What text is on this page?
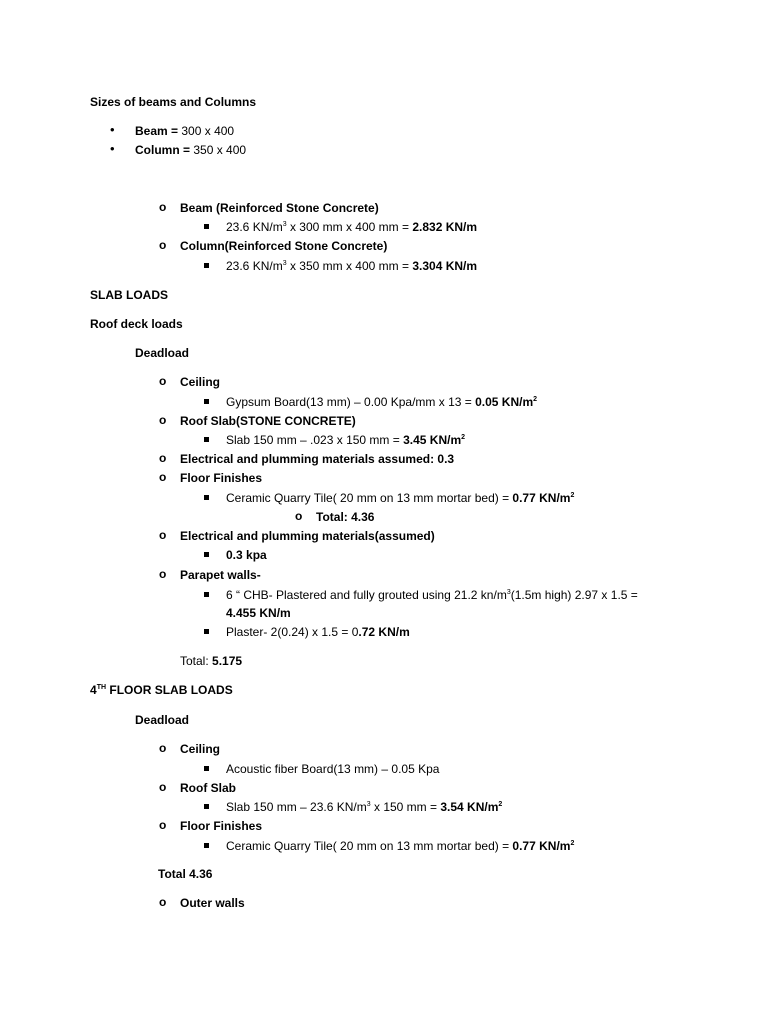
Sizes of beams and Columns
• Beam = 300 x 400
• Column = 350 x 400
o Beam (Reinforced Stone Concrete)
23.6 $KN/m^3$ x 300 mm x 400 mm = 2.832 KN/m
o Column(Reinforced Stone Concrete)
23.6 $KN/m^3$ x 350 mm x 400 mm = 3.304 KN/m
SLAB LOADS
Roof deck loads
Deadload
o Ceiling
Gypsum Board(13 mm) – 0.00 Kpa/mm x 13 = 0.05 $KN/m^2$
o Roof Slab(STONE CONCRETE)
Slab 150 mm – .023 x 150 mm = 3.45 $KN/m^2$
o Electrical and plumming materials assumed: 0.3
o Floor Finishes
Ceramic Quarry Tile( 20 mm on 13 mm mortar bed) = 0.77 $KN/m^2$
o Total: 4.36
o Electrical and plumming materials(assumed)
0.3 kpa
o Parapet walls-
6 “ CHB- Plastered and fully grouted using 21.2 $kn/m^3(1.5m$ high) 2.97 x 1.5 =
4.455 KN/m
Plaster- 2(0.24) x 1.5 = 0.72 KN/m
Total: 5.175
4TH FLOOR SLAB LOADS
Deadload
o Ceiling
Acoustic fiber Board(13 mm) – 0.05 Kpa
o Roof Slab
Slab 150 mm – 23.6 $KN/m^3$ x 150 mm = 3.54 $KN/m^2$
o Floor Finishes
Ceramic Quarry Tile( 20 mm on 13 mm mortar bed) = 0.77 $KN/m^2$
Total 4.36
o Outer walls
